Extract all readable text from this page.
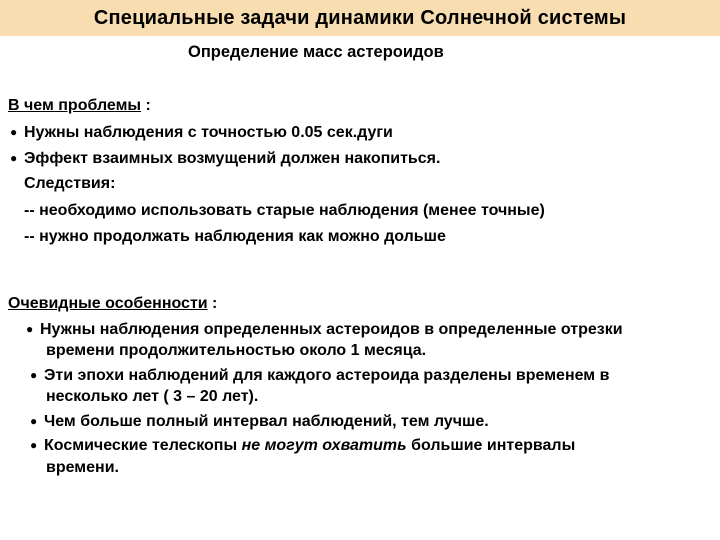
Специальные задачи динамики Солнечной системы
Определение масс астероидов
В чем проблемы :
● Нужны наблюдения с точностью 0.05 сек.дуги
● Эффект взаимных возмущений должен накопиться.
Следствия:
-- необходимо использовать старые наблюдения (менее точные)
-- нужно продолжать наблюдения как можно дольше
Очевидные особенности :
● Нужны наблюдения определенных астероидов в определенные отрезки
времени продолжительностью около 1 месяца.
● Эти эпохи наблюдений для каждого астероида разделены временем в
несколько лет ( 3 – 20 лет).
● Чем больше полный интервал наблюдений, тем лучше.
● Космические телескопы не могут охватить большие интервалы
времени.
